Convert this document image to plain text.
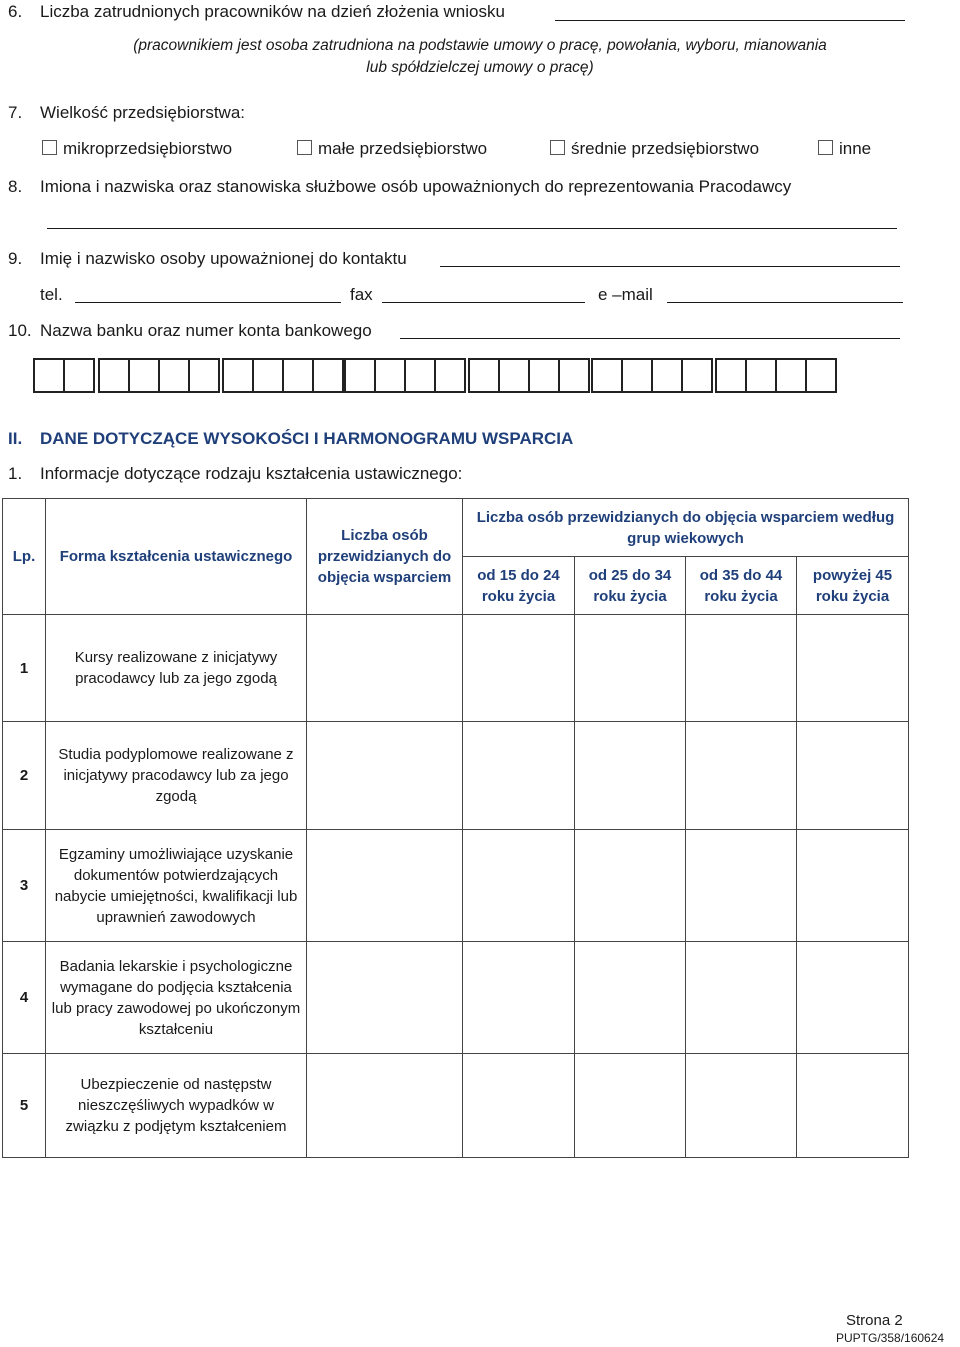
6. Liczba zatrudnionych pracowników na dzień złożenia wniosku
(pracownikiem jest osoba zatrudniona na podstawie umowy o pracę, powołania, wyboru, mianowania
lub spółdzielczej umowy o pracę)
7. Wielkość przedsiębiorstwa:
mikroprzedsiębiorstwo	małe przedsiębiorstwo	średnie przedsiębiorstwo	inne
8. Imiona i nazwiska oraz stanowiska służbowe osób upoważnionych do reprezentowania Pracodawcy
9. Imię i nazwisko osoby upoważnionej do kontaktu
tel.	fax	e –mail
10. Nazwa banku oraz numer konta bankowego
II. DANE DOTYCZĄCE WYSOKOŚCI I HARMONOGRAMU WSPARCIA
1. Informacje dotyczące rodzaju kształcenia ustawicznego:
Lp.	Forma kształcenia ustawicznego	Liczba osób przewidzianych do objęcia wsparciem	Liczba osób przewidzianych do objęcia wsparciem według grup wiekowych			
			od 15 do 24 roku życia	od 25 do 34 roku życia	od 35 do 44 roku życia	powyżej 45 roku życia
1	Kursy realizowane z inicjatywy pracodawcy lub za jego zgodą					
2	Studia podyplomowe realizowane z inicjatywy pracodawcy lub za jego zgodą					
3	Egzaminy umożliwiające uzyskanie dokumentów potwierdzających nabycie umiejętności, kwalifikacji lub uprawnień zawodowych					
4	Badania lekarskie i psychologiczne wymagane do podjęcia kształcenia lub pracy zawodowej po ukończonym kształceniu					
5	Ubezpieczenie od następstw nieszczęśliwych wypadków w związku z podjętym kształceniem					
Strona 2
PUPTG/358/160624
